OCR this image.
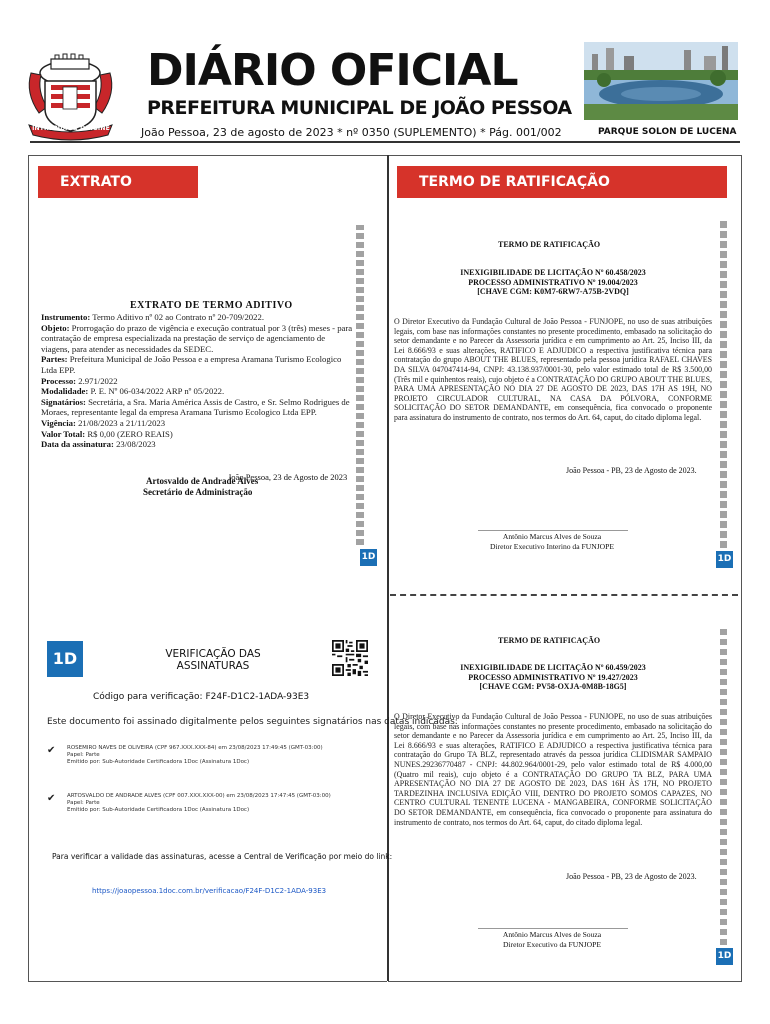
INTREPIDA & ORIGINE
DIÁRIO OFICIAL
PREFEITURA MUNICIPAL DE JOÃO PESSOA
João Pessoa, 23 de agosto de 2023 * nº 0350 (SUPLEMENTO) * Pág. 001/002	PARQUE SOLON DE LUCENA
EXTRATO	TERMO DE RATIFICAÇÃO
EXTRATO DE TERMO ADITIVO
Instrumento: Termo Aditivo nº 02 ao Contrato nº 20-709/2022.
Objeto: Prorrogação do prazo de vigência e execução contratual por 3 (três) meses - para contratação de empresa especializada na prestação de serviço de agenciamento de viagens, para atender as necessidades da SEDEC.
Partes: Prefeitura Municipal de João Pessoa e a empresa Aramana Turismo Ecologico Ltda EPP.
Processo: 2.971/2022
Modalidade: P. E. Nº 06-034/2022 ARP nº 05/2022.
Signatários: Secretária, a Sra. Maria América Assis de Castro, e Sr. Selmo Rodrigues de Moraes, representante legal da empresa Aramana Turismo Ecologico Ltda EPP.
Vigência: 21/08/2023 a 21/11/2023
Valor Total: R$ 0,00 (ZERO REAIS)
Data da assinatura: 23/08/2023
João Pessoa, 23 de Agosto de 2023
Artosvaldo de Andrade Alves
Secretário de Administração
1D
1D	VERIFICAÇÃO DAS ASSINATURAS
Código para verificação: F24F-D1C2-1ADA-93E3
Este documento foi assinado digitalmente pelos seguintes signatários nas datas indicadas:
✔ ROSEMIRO NAVES DE OLIVEIRA (CPF 967.XXX.XXX-84) em 23/08/2023 17:49:45 (GMT-03:00)
Papel: Parte
Emitido por: Sub-Autoridade Certificadora 1Doc (Assinatura 1Doc)
✔ ARTOSVALDO DE ANDRADE ALVES (CPF 007.XXX.XXX-00) em 23/08/2023 17:47:45 (GMT-03:00)
Papel: Parte
Emitido por: Sub-Autoridade Certificadora 1Doc (Assinatura 1Doc)
Para verificar a validade das assinaturas, acesse a Central de Verificação por meio do link:
https://joaopessoa.1doc.com.br/verificacao/F24F-D1C2-1ADA-93E3
TERMO DE RATIFICAÇÃO
INEXIGIBILIDADE DE LICITAÇÃO Nº 60.458/2023
PROCESSO ADMINISTRATIVO Nº 19.004/2023
[CHAVE CGM: K0M7-6RW7-A75B-2VDQ]
O Diretor Executivo da Fundação Cultural de João Pessoa - FUNJOPE, no uso de suas atribuições legais, com base nas informações constantes no presente procedimento, embasado na solicitação do setor demandante e no Parecer da Assessoria jurídica e em cumprimento ao Art. 25, Inciso III, da Lei 8.666/93 e suas alterações, RATIFICO E ADJUDICO a respectiva justificativa técnica para contratação do grupo ABOUT THE BLUES, representado pela pessoa jurídica RAFAEL CHAVES DA SILVA 047047414-94, CNPJ: 43.138.937/0001-30, pelo valor estimado total de R$ 3.500,00 (Três mil e quinhentos reais), cujo objeto é a CONTRATAÇÃO DO GRUPO ABOUT THE BLUES, PARA UMA APRESENTAÇÃO NO DIA 27 DE AGOSTO DE 2023, DAS 17H AS 19H, NO PROJETO CIRCULADOR CULTURAL, NA CASA DA PÓLVORA, CONFORME SOLICITAÇÃO DO SETOR DEMANDANTE, em consequência, fica convocado o proponente para assinatura do instrumento de contrato, nos termos do Art. 64, caput, do citado diploma legal.
João Pessoa - PB, 23 de Agosto de 2023.
Antônio Marcus Alves de Souza
Diretor Executivo Interino da FUNJOPE
1D
TERMO DE RATIFICAÇÃO
INEXIGIBILIDADE DE LICITAÇÃO Nº 60.459/2023
PROCESSO ADMINISTRATIVO Nº 19.427/2023
[CHAVE CGM: PV58-OXJA-0M8B-18G5]
O Diretor Executivo da Fundação Cultural de João Pessoa - FUNJOPE, no uso de suas atribuições legais, com base nas informações constantes no presente procedimento, embasado na solicitação do setor demandante e no Parecer da Assessoria jurídica e em cumprimento ao Art. 25, Inciso III, da Lei 8.666/93 e suas alterações, RATIFICO E ADJUDICO a respectiva justificativa técnica para contratação do Grupo TA BLZ, representado através da pessoa jurídica CLIDISMAR SAMPAIO NUNES.29236770487 - CNPJ: 44.802.964/0001-29, pelo valor estimado total de R$ 4.000,00 (Quatro mil reais), cujo objeto é a CONTRATAÇÃO DO GRUPO TA BLZ, PARA UMA APRESENTAÇÃO NO DIA 27 DE AGOSTO DE 2023, DAS 16H ÀS 17H, NO PROJETO TARDEZINHA INCLUSIVA EDIÇÃO VIII, DENTRO DO PROJETO SOMOS CAPAZES, NO CENTRO CULTURAL TENENTE LUCENA - MANGABEIRA, CONFORME SOLICITAÇÃO DO SETOR DEMANDANTE, em consequência, fica convocado o proponente para assinatura do instrumento de contrato, nos termos do Art. 64, caput, do citado diploma legal.
João Pessoa - PB, 23 de Agosto de 2023.
Antônio Marcus Alves de Souza
Diretor Executivo da FUNJOPE
1D
